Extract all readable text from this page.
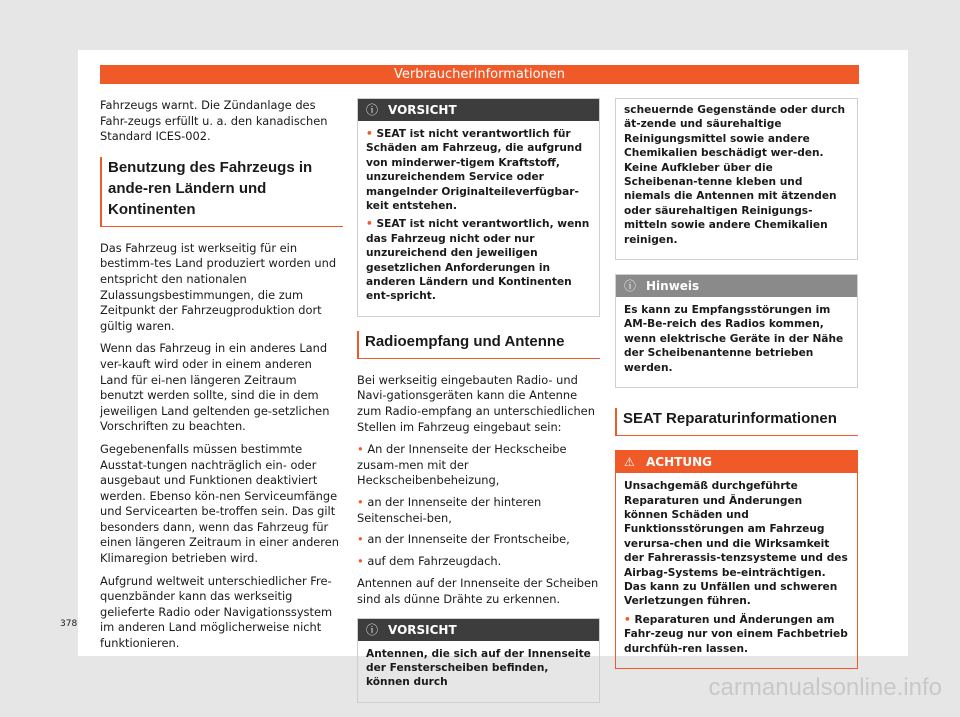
Verbraucherinformationen

Fahrzeugs warnt. Die Zündanlage des Fahr-zeugs erfüllt u. a. den kanadischen Standard ICES-002.

Benutzung des Fahrzeugs in ande-ren Ländern und Kontinenten

Das Fahrzeug ist werkseitig für ein bestimm-tes Land produziert worden und entspricht den nationalen Zulassungsbestimmungen, die zum Zeitpunkt der Fahrzeugproduktion dort gültig waren.

Wenn das Fahrzeug in ein anderes Land ver-kauft wird oder in einem anderen Land für ei-nen längeren Zeitraum benutzt werden sollte, sind die in dem jeweiligen Land geltenden ge-setzlichen Vorschriften zu beachten.

Gegebenenfalls müssen bestimmte Ausstat-tungen nachträglich ein- oder ausgebaut und Funktionen deaktiviert werden. Ebenso kön-nen Serviceumfänge und Servicearten be-troffen sein. Das gilt besonders dann, wenn das Fahrzeug für einen längeren Zeitraum in einer anderen Klimaregion betrieben wird.

Aufgrund weltweit unterschiedlicher Fre-quenzbänder kann das werkseitig gelieferte Radio oder Navigationssystem im anderen Land möglicherweise nicht funktionieren.

ⓘ VORSICHT
• SEAT ist nicht verantwortlich für Schäden am Fahrzeug, die aufgrund von minderwer-tigem Kraftstoff, unzureichendem Service oder mangelnder Originalteileverfügbar-keit entstehen.
• SEAT ist nicht verantwortlich, wenn das Fahrzeug nicht oder nur unzureichend den jeweiligen gesetzlichen Anforderungen in anderen Ländern und Kontinenten ent-spricht.
Radioempfang und Antenne

Bei werkseitig eingebauten Radio- und Navi-gationsgeräten kann die Antenne zum Radio-empfang an unterschiedlichen Stellen im Fahrzeug eingebaut sein:

• An der Innenseite der Heckscheibe zusam-men mit der Heckscheibenbeheizung,
• an der Innenseite der hinteren Seitenschei-ben,
• an der Innenseite der Frontscheibe,
• auf dem Fahrzeugdach.

Antennen auf der Innenseite der Scheiben sind als dünne Drähte zu erkennen.

ⓘ VORSICHT

Antennen, die sich auf der Innenseite der Fensterscheiben befinden, können durch

scheuernde Gegenstände oder durch ät-zende und säurehaltige Reinigungsmittel sowie andere Chemikalien beschädigt wer-den. Keine Aufkleber über die Scheibenan-tenne kleben und niemals die Antennen mit ätzenden oder säurehaltigen Reinigungs-mitteln sowie andere Chemikalien reinigen.

ⓘ Hinweis

Es kann zu Empfangsstörungen im AM-Be-reich des Radios kommen, wenn elektrische Geräte in der Nähe der Scheibenantenne betrieben werden.

SEAT Reparaturinformationen
⚠ ACHTUNG

Unsachgemäß durchgeführte Reparaturen und Änderungen können Schäden und Funktionsstörungen am Fahrzeug verursa-chen und die Wirksamkeit der Fahrerassis-tenzsysteme und des Airbag-Systems be-einträchtigen. Das kann zu Unfällen und schweren Verletzungen führen.

• Reparaturen und Änderungen am Fahr-zeug nur von einem Fachbetrieb durchfüh-ren lassen.
378
carmanualsonline.info
